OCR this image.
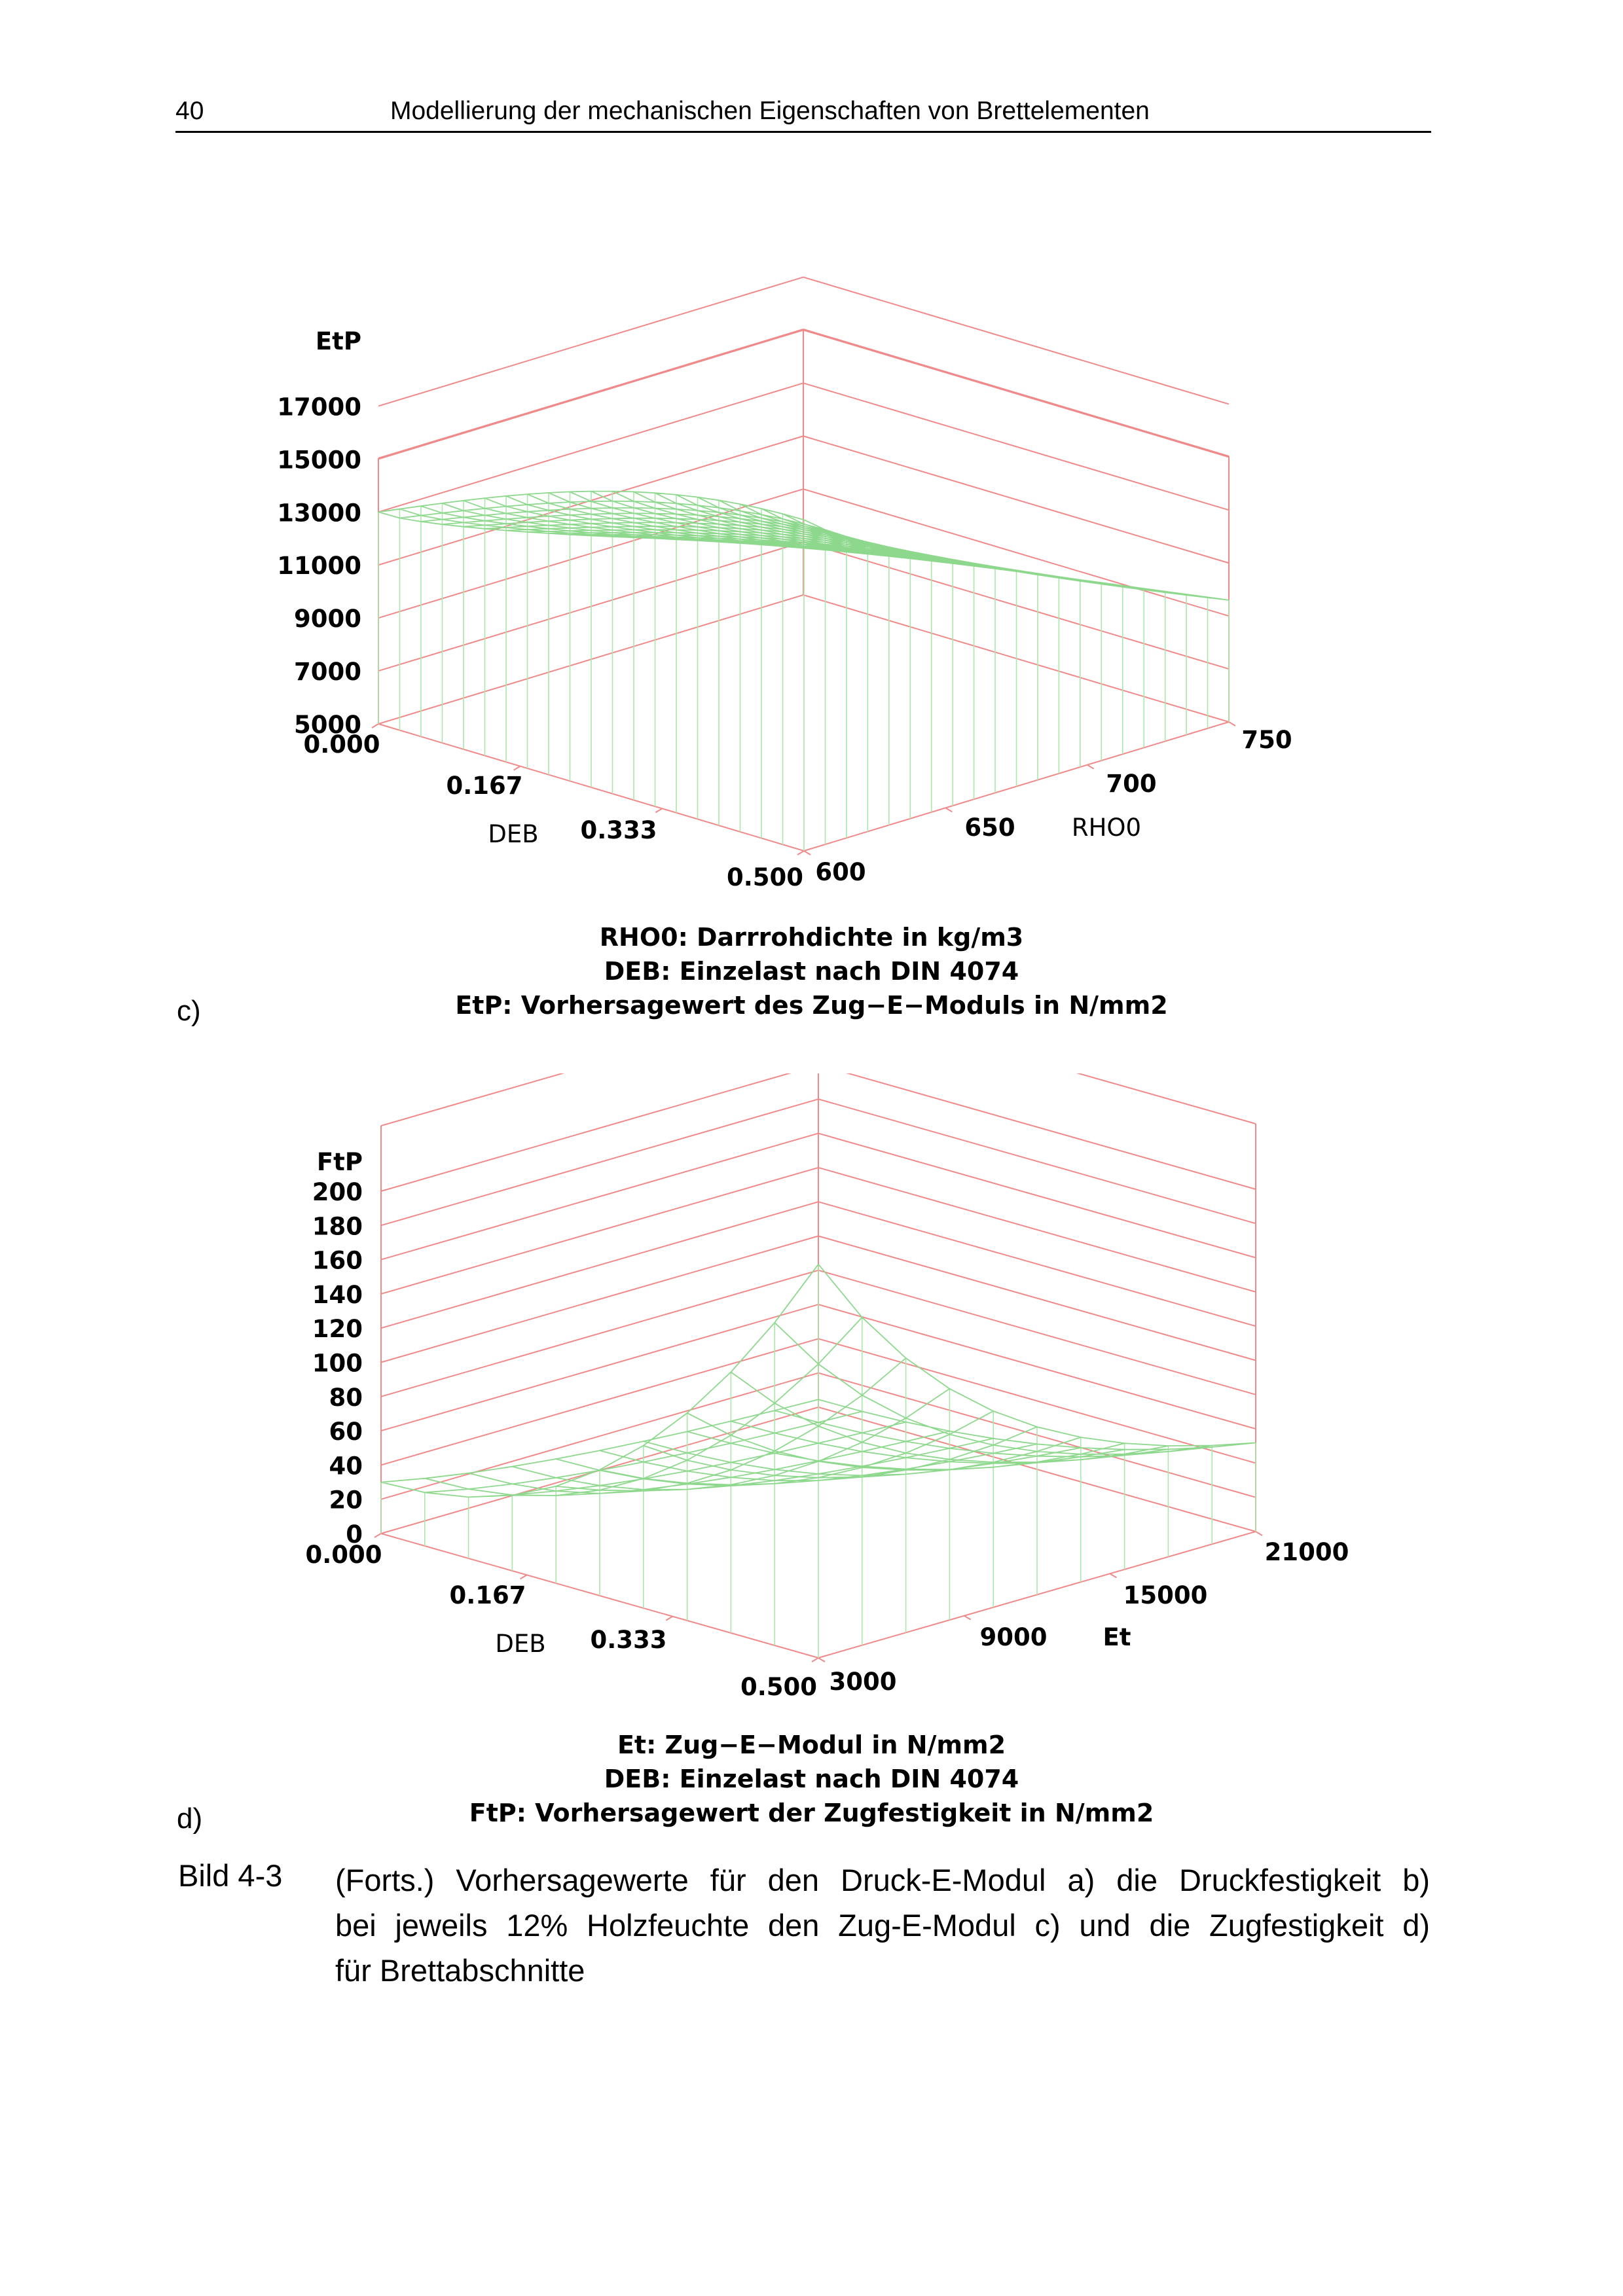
40	Modellierung der mechanischen Eigenschaften von Brettelementen
17000
15000
13000
11000
9000
7000
5000
EtP
0.000
0.167
0.333
0.500
DEB
600
650
700
750
RHO0
RHO0: Darrrohdichte in kg/m3
DEB: Einzelast nach DIN 4074
EtP: Vorhersagewert des Zug−E−Moduls in N/mm2
c)
200
180
160
140
120
100
80
60
40
20
0
FtP
0.000
0.167
0.333
0.500
DEB
3000
9000
15000
21000
Et
Et: Zug−E−Modul in N/mm2
DEB: Einzelast nach DIN 4074
FtP: Vorhersagewert der Zugfestigkeit in N/mm2
d)
Bild 4-3 (Forts.) Vorhersagewerte für den Druck-E-Modul a) die Druckfestigkeit b)
bei jeweils 12% Holzfeuchte den Zug-E-Modul c) und die Zugfestigkeit d)
für Brettabschnitte
